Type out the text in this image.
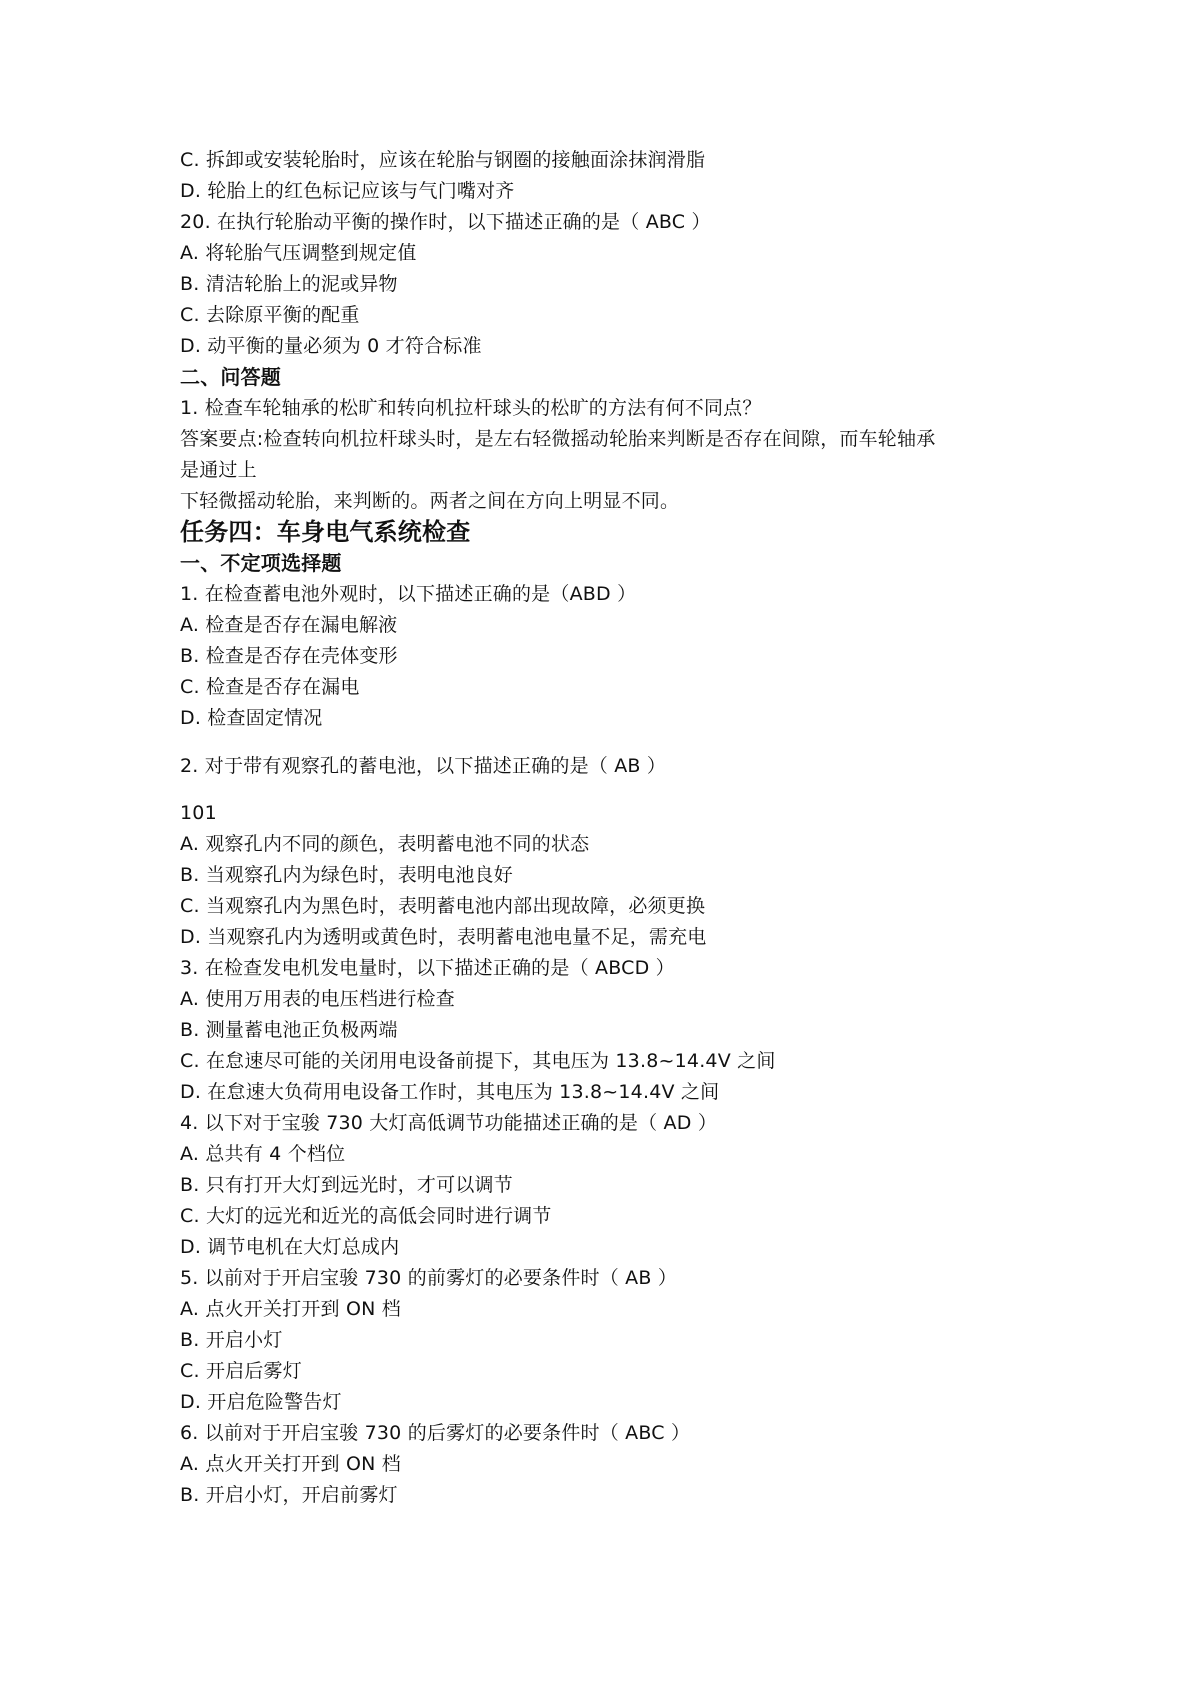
C. 拆卸或安装轮胎时，应该在轮胎与钢圈的接触面涂抹润滑脂
D. 轮胎上的红色标记应该与气门嘴对齐
20. 在执行轮胎动平衡的操作时，以下描述正确的是（ ABC ）
A. 将轮胎气压调整到规定值
B. 清洁轮胎上的泥或异物
C. 去除原平衡的配重
D. 动平衡的量必须为 0 才符合标准
二、问答题
1. 检查车轮轴承的松旷和转向机拉杆球头的松旷的方法有何不同点？
答案要点:检查转向机拉杆球头时，是左右轻微摇动轮胎来判断是否存在间隙，而车轮轴承
是通过上
下轻微摇动轮胎，来判断的。两者之间在方向上明显不同。
任务四：车身电气系统检查
一、不定项选择题
1. 在检查蓄电池外观时，以下描述正确的是（ABD ）
A. 检查是否存在漏电解液
B. 检查是否存在壳体变形
C. 检查是否存在漏电
D. 检查固定情况
2. 对于带有观察孔的蓄电池，以下描述正确的是（ AB ）
101
A. 观察孔内不同的颜色，表明蓄电池不同的状态
B. 当观察孔内为绿色时，表明电池良好
C. 当观察孔内为黑色时，表明蓄电池内部出现故障，必须更换
D. 当观察孔内为透明或黄色时，表明蓄电池电量不足，需充电
3. 在检查发电机发电量时，以下描述正确的是（ ABCD ）
A. 使用万用表的电压档进行检查
B. 测量蓄电池正负极两端
C. 在怠速尽可能的关闭用电设备前提下，其电压为 13.8~14.4V 之间
D. 在怠速大负荷用电设备工作时，其电压为 13.8~14.4V 之间
4. 以下对于宝骏 730 大灯高低调节功能描述正确的是（ AD ）
A. 总共有 4 个档位
B. 只有打开大灯到远光时，才可以调节
C. 大灯的远光和近光的高低会同时进行调节
D. 调节电机在大灯总成内
5. 以前对于开启宝骏 730 的前雾灯的必要条件时（ AB ）
A. 点火开关打开到 ON 档
B. 开启小灯
C. 开启后雾灯
D. 开启危险警告灯
6. 以前对于开启宝骏 730 的后雾灯的必要条件时（ ABC ）
A. 点火开关打开到 ON 档
B. 开启小灯，开启前雾灯
